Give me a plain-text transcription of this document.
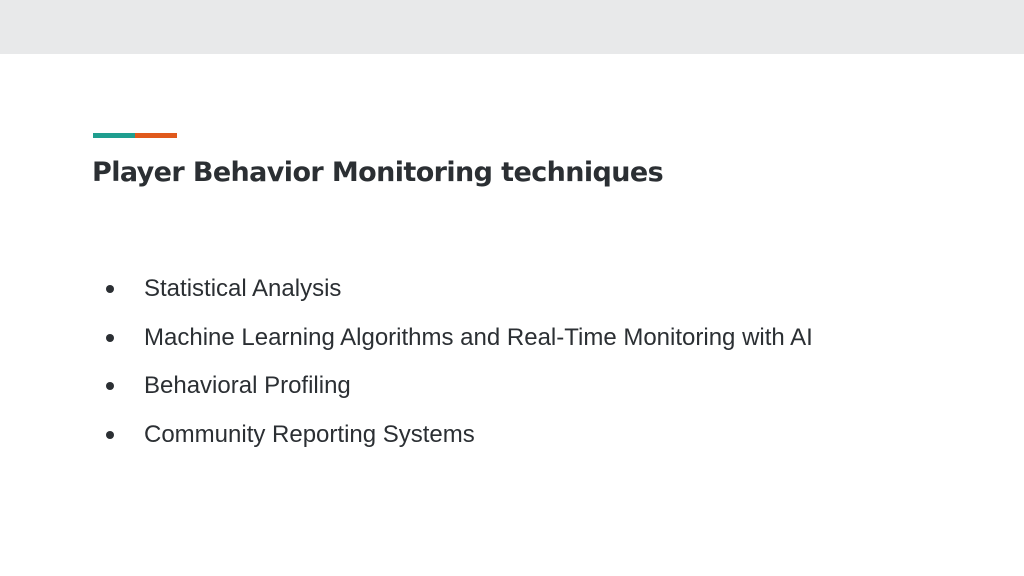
Player Behavior Monitoring techniques
Statistical Analysis
Machine Learning Algorithms and Real-Time Monitoring with AI
Behavioral Profiling
Community Reporting Systems
